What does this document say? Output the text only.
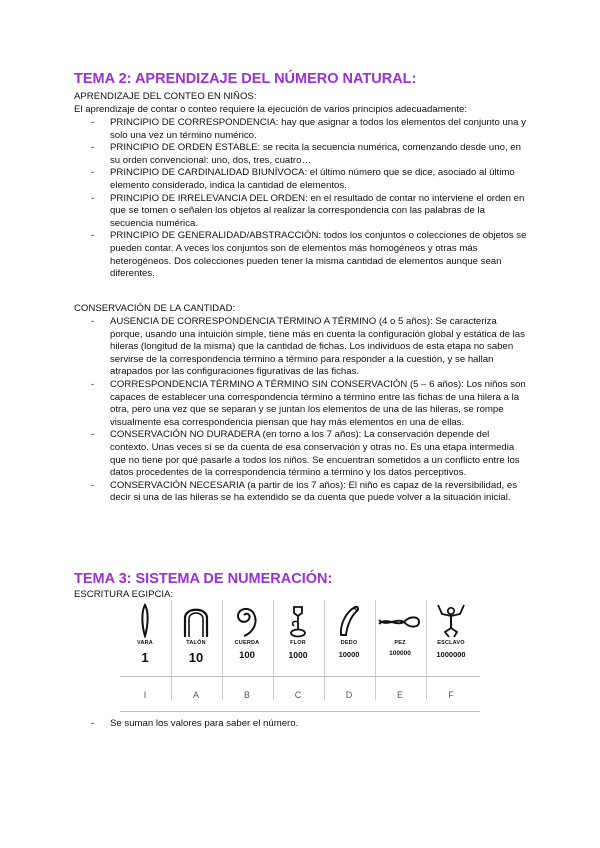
TEMA 2: APRENDIZAJE DEL NÚMERO NATURAL:
APRENDIZAJE DEL CONTEO EN NIÑOS:
El aprendizaje de contar o conteo requiere la ejecución de varios principios adecuadamente:
- PRINCIPIO DE CORRESPONDENCIA: hay que asignar a todos los elementos del conjunto una y solo una vez un término numérico.
- PRINCIPIO DE ORDEN ESTABLE: se recita la secuencia numérica, comenzando desde uno, en su orden convencional: uno, dos, tres, cuatro…
- PRINCIPIO DE CARDINALIDAD BIUNÍVOCA: el último número que se dice, asociado al último elemento considerado, indica la cantidad de elementos.
- PRINCIPIO DE IRRELEVANCIA DEL ORDEN: en el resultado de contar no interviene el orden en que se tomen o señalen los objetos al realizar la correspondencia con las palabras de la secuencia numérica.
- PRINCIPIO DE GENERALIDAD/ABSTRACCIÓN: todos los conjuntos o colecciones de objetos se pueden contar. A veces los conjuntos son de elementos más homogéneos y otras más heterogéneos. Dos colecciones pueden tener la misma cantidad de elementos aunque sean diferentes.
CONSERVACIÓN DE LA CANTIDAD:
- AUSENCIA DE CORRESPONDENCIA TÉRMINO A TÉRMINO (4 o 5 años): Se caracteriza porque, usando una intuición simple, tiene más en cuenta la configuración global y estática de las hileras (longitud de la misma) que la cantidad de fichas. Los individuos de esta etapa no saben servirse de la correspondencia término a término para responder a la cuestión, y se hallan atrapados por las configuraciones figurativas de las fichas.
- CORRESPONDENCIA TÉRMINO A TÉRMINO SIN CONSERVACIÓN (5 – 6 años): Los niños son capaces de establecer una correspondencia término a término entre las fichas de una hilera a la otra, pero una vez que se separan y se juntan los elementos de una de las hileras, se rompe visualmente esa correspondencia piensan que hay más elementos en una de ellas.
- CONSERVACIÓN NO DURADERA (en torno a los 7 años): La conservación depende del contexto. Unas veces sí se da cuenta de esa conservación y otras no. Es una etapa intermedia que no tiene por qué pasarle a todos los niños. Se encuentran sometidos a un conflicto entre los datos procedentes de la correspondencia término a término y los datos perceptivos.
- CONSERVACIÓN NECESARIA (a partir de los 7 años): El niño es capaz de la reversibilidad, es decir si una de las hileras se ha extendido se da cuenta que puede volver a la situación inicial.
TEMA 3: SISTEMA DE NUMERACIÓN:
ESCRITURA EGIPCIA:
VARA
1
I
TALÓN
10
A
CUERDA
100
B
FLOR
1000
C
DEDO
10000
D
PEZ
100000
E
ESCLAVO
1000000
F
- Se suman los valores para saber el número.
